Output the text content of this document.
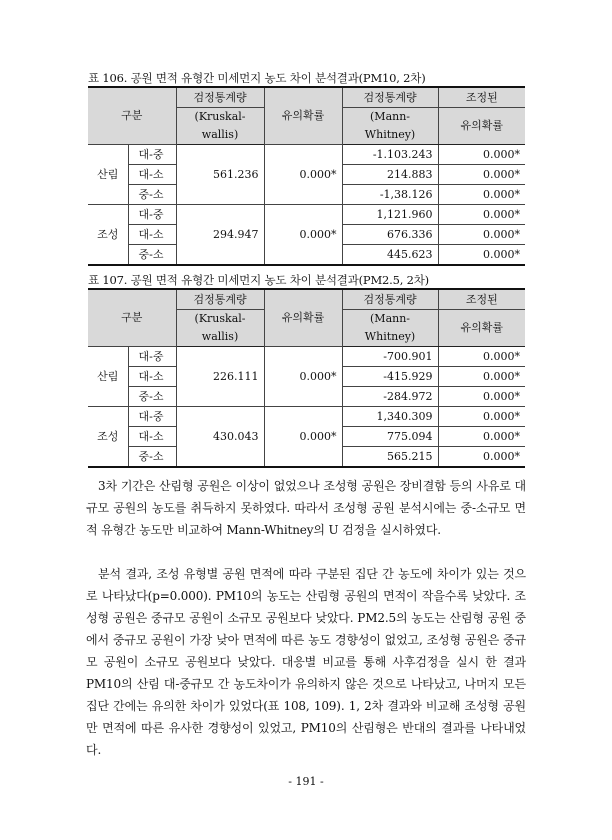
표 106. 공원 면적 유형간 미세먼지 농도 차이 분석결과(PM10, 2차)
구분		검정통계량	유의확률	검정통계량	조정된
		(Kruskal-wallis)		(Mann-Whitney)	유의확률
산림	대-중	561.236	0.000*	-1.103.243	0.000*
	대-소			214.883	0.000*
	중-소			-1,38.126	0.000*
조성	대-중	294.947	0.000*	1,121.960	0.000*
	대-소			676.336	0.000*
	중-소			445.623	0.000*
표 107. 공원 면적 유형간 미세먼지 농도 차이 분석결과(PM2.5, 2차)
구분		검정통계량	유의확률	검정통계량	조정된
		(Kruskal-wallis)		(Mann-Whitney)	유의확률
산림	대-중	226.111	0.000*	-700.901	0.000*
	대-소			-415.929	0.000*
	중-소			-284.972	0.000*
조성	대-중	430.043	0.000*	1,340.309	0.000*
	대-소			775.094	0.000*
	중-소			565.215	0.000*

3차 기간은 산림형 공원은 이상이 없었으나 조성형 공원은 장비결함 등의 사유로 대규모 공원의 농도를 취득하지 못하였다. 따라서 조성형 공원 분석시에는 중-소규모 면적 유형간 농도만 비교하여 Mann-Whitney의 U 검정을 실시하였다.

분석 결과, 조성 유형별 공원 면적에 따라 구분된 집단 간 농도에 차이가 있는 것으로 나타났다(p=0.000). PM10의 농도는 산림형 공원의 면적이 작을수록 낮았다. 조성형 공원은 중규모 공원이 소규모 공원보다 낮았다. PM2.5의 농도는 산림형 공원 중에서 중규모 공원이 가장 낮아 면적에 따른 농도 경향성이 없었고, 조성형 공원은 중규모 공원이 소규모 공원보다 낮았다. 대응별 비교를 통해 사후검정을 실시 한 결과 PM10의 산림 대-중규모 간 농도차이가 유의하지 않은 것으로 나타났고, 나머지 모든 집단 간에는 유의한 차이가 있었다(표 108, 109). 1, 2차 결과와 비교해 조성형 공원만 면적에 따른 유사한 경향성이 있었고, PM10의 산림형은 반대의 결과를 나타내었다.

- 191 -
